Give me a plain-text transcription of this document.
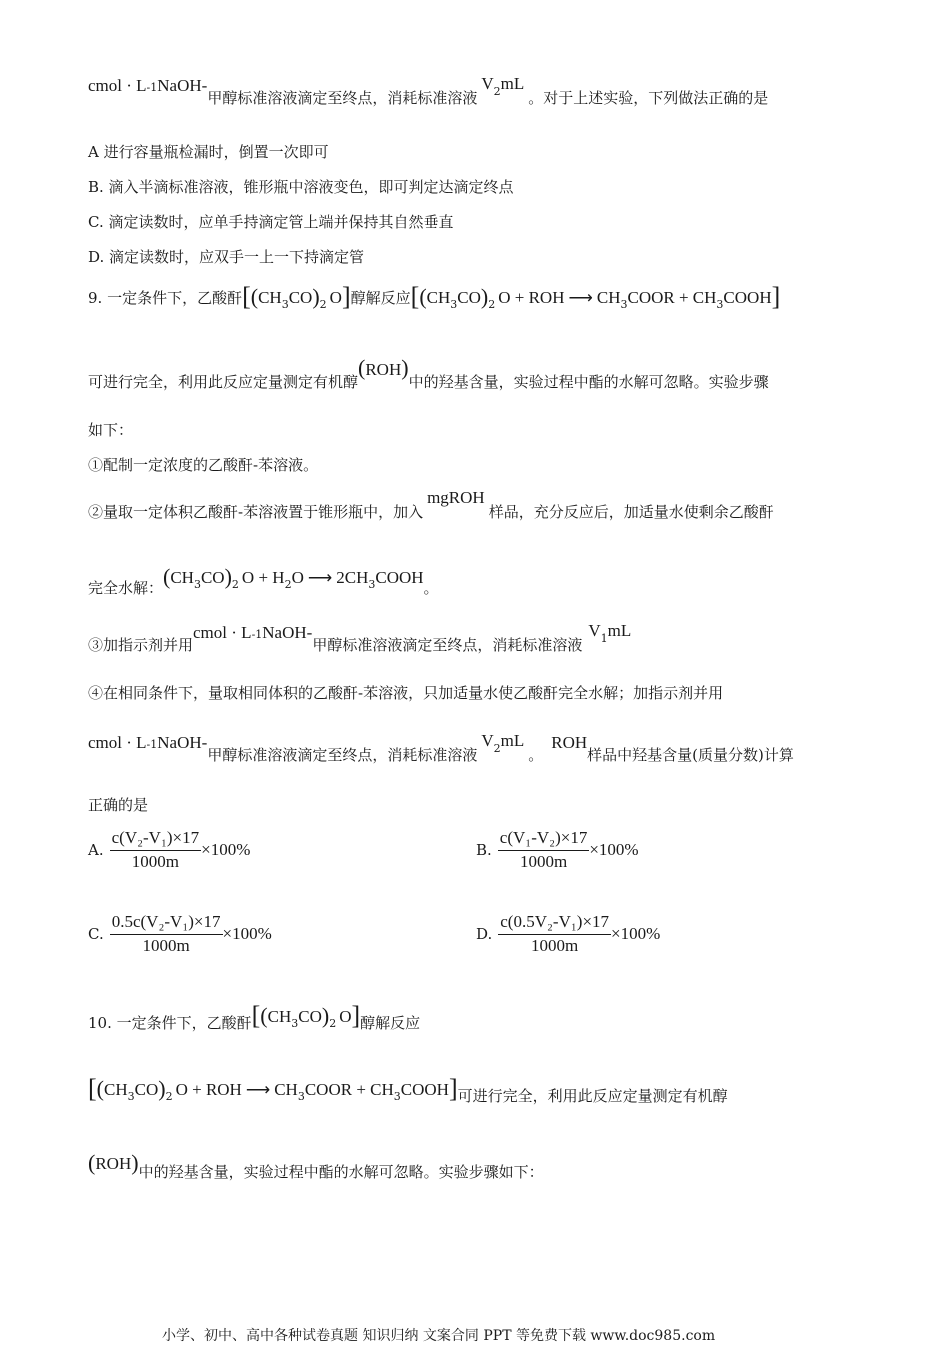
cmol · $L^{-1}NaOH-$甲醇标准溶液滴定至终点，消耗标准溶液$V^2mL$。对于上述实验，下列做法正确的是
A 进行容量瓶检漏时，倒置一次即可
B. 滴入半滴标准溶液，锥形瓶中溶液变色，即可判定达滴定终点
C. 滴定读数时，应单手持滴定管上端并保持其自然垂直
D. 滴定读数时，应双手一上一下持滴定管
9. 一定条件下，乙酸酐[$(CH_3CO)_2$ O]醇解反应[$(CH_3CO)_2$ O + ROH ⟶ $CH_3COOR$ + $CH_3COOH$]
可进行完全，利用此反应定量测定有机醇(ROH)中的羟基含量，实验过程中酯的水解可忽略。实验步骤
如下：
①配制一定浓度的乙酸酐-苯溶液。
②量取一定体积乙酸酐-苯溶液置于锥形瓶中，加入mgROH样品，充分反应后，加适量水使剩余乙酸酐
完全水解：$(CH_3CO)_2$ $O + H_2O$ ⟶ $2CH_3COOH$。
③加指示剂并用cmol · $L^{-1}NaOH-$甲醇标准溶液滴定至终点，消耗标准溶液$V^1mL$
④在相同条件下，量取相同体积的乙酸酐-苯溶液，只加适量水使乙酸酐完全水解；加指示剂并用
cmol · $L^{-1}NaOH-$甲醇标准溶液滴定至终点，消耗标准溶液$V^2mL$。ROH样品中羟基含量(质量分数)计算
正确的是
A. $\frac{\text{c(V₂-V₁)×17}}{1000m} \times 100\%$	B. $\frac{\text{c(V₁-V₂)×17}}{1000m} \times 100\%$
C. $\frac{\text{0.5c(V₂-V₁)×17}}{1000m} \times 100\%$	D. $\frac{\text{c(0.5V₂-V₁)×17}}{1000m} \times 100\%$
10. 一定条件下，乙酸酐[$(CH_3CO)_2$ O]醇解反应
[$(CH_3CO)_2$ O + ROH ⟶ $CH_3COOR$ + $CH_3COOH$]可进行完全，利用此反应定量测定有机醇
(ROH)中的羟基含量，实验过程中酯的水解可忽略。实验步骤如下：
小学、初中、高中各种试卷真题 知识归纳 文案合同 PPT 等免费下载 www.doc985.com
